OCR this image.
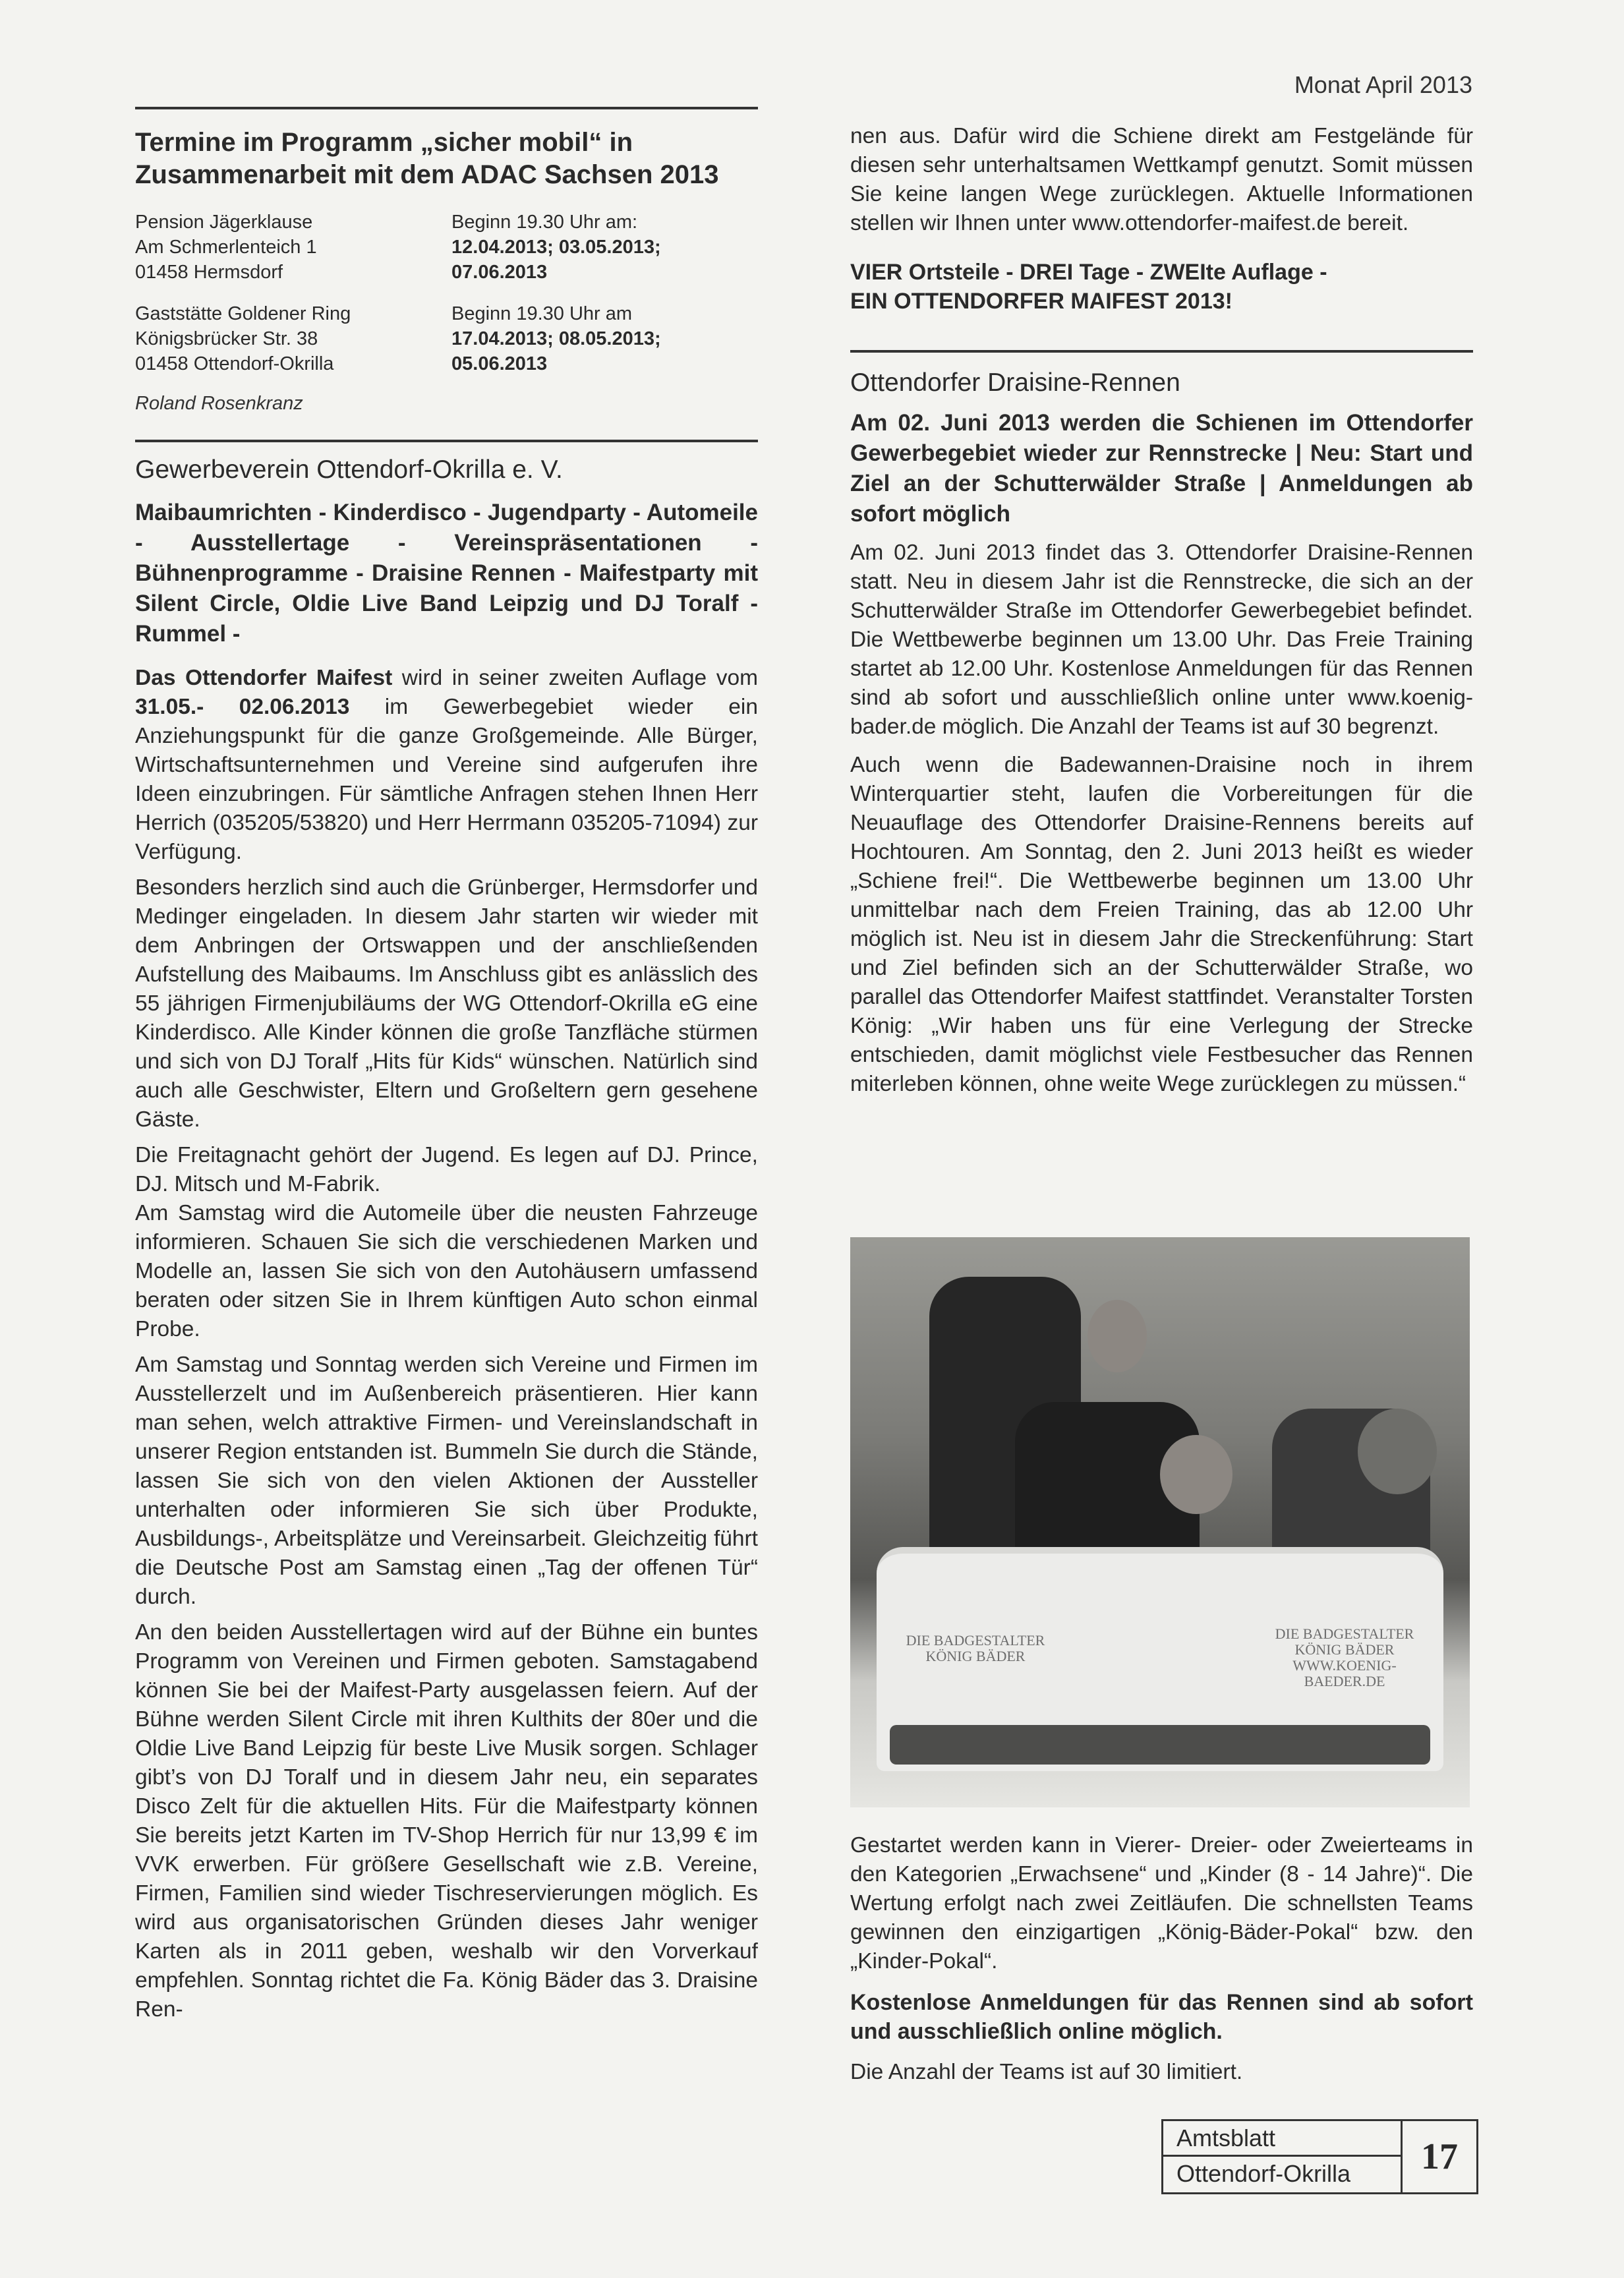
Monat April 2013
Termine im Programm „sicher mobil“ in Zusammenarbeit mit dem ADAC Sachsen 2013
Pension Jägerklause
Am Schmerlenteich 1
01458 Hermsdorf
Beginn 19.30 Uhr am:
12.04.2013; 03.05.2013;
07.06.2013
Gaststätte Goldener Ring
Königsbrücker Str. 38
01458 Ottendorf-Okrilla
Beginn 19.30 Uhr am
17.04.2013; 08.05.2013;
05.06.2013
Roland Rosenkranz
Gewerbeverein Ottendorf-Okrilla e. V.
Maibaumrichten - Kinderdisco - Jugendparty - Automeile - Ausstellertage - Vereinspräsentationen - Bühnenprogramme - Draisine Rennen - Maifestparty mit Silent Circle, Oldie Live Band Leipzig und DJ Toralf - Rummel -

Das Ottendorfer Maifest wird in seiner zweiten Auflage vom 31.05.- 02.06.2013 im Gewerbegebiet wieder ein Anziehungspunkt für die ganze Großgemeinde. Alle Bürger, Wirtschaftsunternehmen und Vereine sind aufgerufen ihre Ideen einzubringen. Für sämtliche Anfragen stehen Ihnen Herr Herrich (035205/53820) und Herr Herrmann 035205-71094) zur Verfügung.

Besonders herzlich sind auch die Grünberger, Hermsdorfer und Medinger eingeladen. In diesem Jahr starten wir wieder mit dem Anbringen der Ortswappen und der anschließenden Aufstellung des Maibaums. Im Anschluss gibt es anlässlich des 55 jährigen Firmenjubiläums der WG Ottendorf-Okrilla eG eine Kinderdisco. Alle Kinder können die große Tanzfläche stürmen und sich von DJ Toralf „Hits für Kids“ wünschen. Natürlich sind auch alle Geschwister, Eltern und Großeltern gern gesehene Gäste.

Die Freitagnacht gehört der Jugend. Es legen auf DJ. Prince, DJ. Mitsch und M-Fabrik.

Am Samstag wird die Automeile über die neusten Fahrzeuge informieren. Schauen Sie sich die verschiedenen Marken und Modelle an, lassen Sie sich von den Autohäusern umfassend beraten oder sitzen Sie in Ihrem künftigen Auto schon einmal Probe.

Am Samstag und Sonntag werden sich Vereine und Firmen im Ausstellerzelt und im Außenbereich präsentieren. Hier kann man sehen, welch attraktive Firmen- und Vereinslandschaft in unserer Region entstanden ist. Bummeln Sie durch die Stände, lassen Sie sich von den vielen Aktionen der Aussteller unterhalten oder informieren Sie sich über Produkte, Ausbildungs-, Arbeitsplätze und Vereinsarbeit. Gleichzeitig führt die Deutsche Post am Samstag einen „Tag der offenen Tür“ durch.

An den beiden Ausstellertagen wird auf der Bühne ein buntes Programm von Vereinen und Firmen geboten. Samstagabend können Sie bei der Maifest-Party ausgelassen feiern. Auf der Bühne werden Silent Circle mit ihren Kulthits der 80er und die Oldie Live Band Leipzig für beste Live Musik sorgen. Schlager gibt’s von DJ Toralf und in diesem Jahr neu, ein separates Disco Zelt für die aktuellen Hits. Für die Maifestparty können Sie bereits jetzt Karten im TV-Shop Herrich für nur 13,99 € im VVK erwerben. Für größere Gesellschaft wie z.B. Vereine, Firmen, Familien sind wieder Tischreservierungen möglich. Es wird aus organisatorischen Gründen dieses Jahr weniger Karten als in 2011 geben, weshalb wir den Vorverkauf empfehlen. Sonntag richtet die Fa. König Bäder das 3. Draisine Ren-

nen aus. Dafür wird die Schiene direkt am Festgelände für diesen sehr unterhaltsamen Wettkampf genutzt. Somit müssen Sie keine langen Wege zurücklegen. Aktuelle Informationen stellen wir Ihnen unter www.ottendorfer-maifest.de bereit.

VIER Ortsteile - DREI Tage - ZWEIte Auflage -
EIN OTTENDORFER MAIFEST 2013!
Ottendorfer Draisine-Rennen
Am 02. Juni 2013 werden die Schienen im Ottendorfer Gewerbegebiet wieder zur Rennstrecke | Neu: Start und Ziel an der Schutterwälder Straße | Anmeldungen ab sofort möglich

Am 02. Juni 2013 findet das 3. Ottendorfer Draisine-Rennen statt. Neu in diesem Jahr ist die Rennstrecke, die sich an der Schutterwälder Straße im Ottendorfer Gewerbegebiet befindet. Die Wettbewerbe beginnen um 13.00 Uhr. Das Freie Training startet ab 12.00 Uhr. Kostenlose Anmeldungen für das Rennen sind ab sofort und ausschließlich online unter www.koenig-bader.de möglich. Die Anzahl der Teams ist auf 30 begrenzt.

Auch wenn die Badewannen-Draisine noch in ihrem Winterquartier steht, laufen die Vorbereitungen für die Neuauflage des Ottendorfer Draisine-Rennens bereits auf Hochtouren. Am Sonntag, den 2. Juni 2013 heißt es wieder „Schiene frei!“. Die Wettbewerbe beginnen um 13.00 Uhr unmittelbar nach dem Freien Training, das ab 12.00 Uhr möglich ist. Neu ist in diesem Jahr die Streckenführung: Start und Ziel befinden sich an der Schutterwälder Straße, wo parallel das Ottendorfer Maifest stattfindet. Veranstalter Torsten König: „Wir haben uns für eine Verlegung der Strecke entschieden, damit möglichst viele Festbesucher das Rennen miterleben können, ohne weite Wege zurücklegen zu müssen.“

DIE BADGESTALTER KÖNIG BÄDER
DIE BADGESTALTER KÖNIG BÄDER WWW.KOENIG-BAEDER.DE

Gestartet werden kann in Vierer- Dreier- oder Zweierteams in den Kategorien „Erwachsene“ und „Kinder (8 - 14 Jahre)“. Die Wertung erfolgt nach zwei Zeitläufen. Die schnellsten Teams gewinnen den einzigartigen „König-Bäder-Pokal“ bzw. den „Kinder-Pokal“.

Kostenlose Anmeldungen für das Rennen sind ab sofort und ausschließlich online möglich.

Die Anzahl der Teams ist auf 30 limitiert.

Amtsblatt
Ottendorf-Okrilla	17
